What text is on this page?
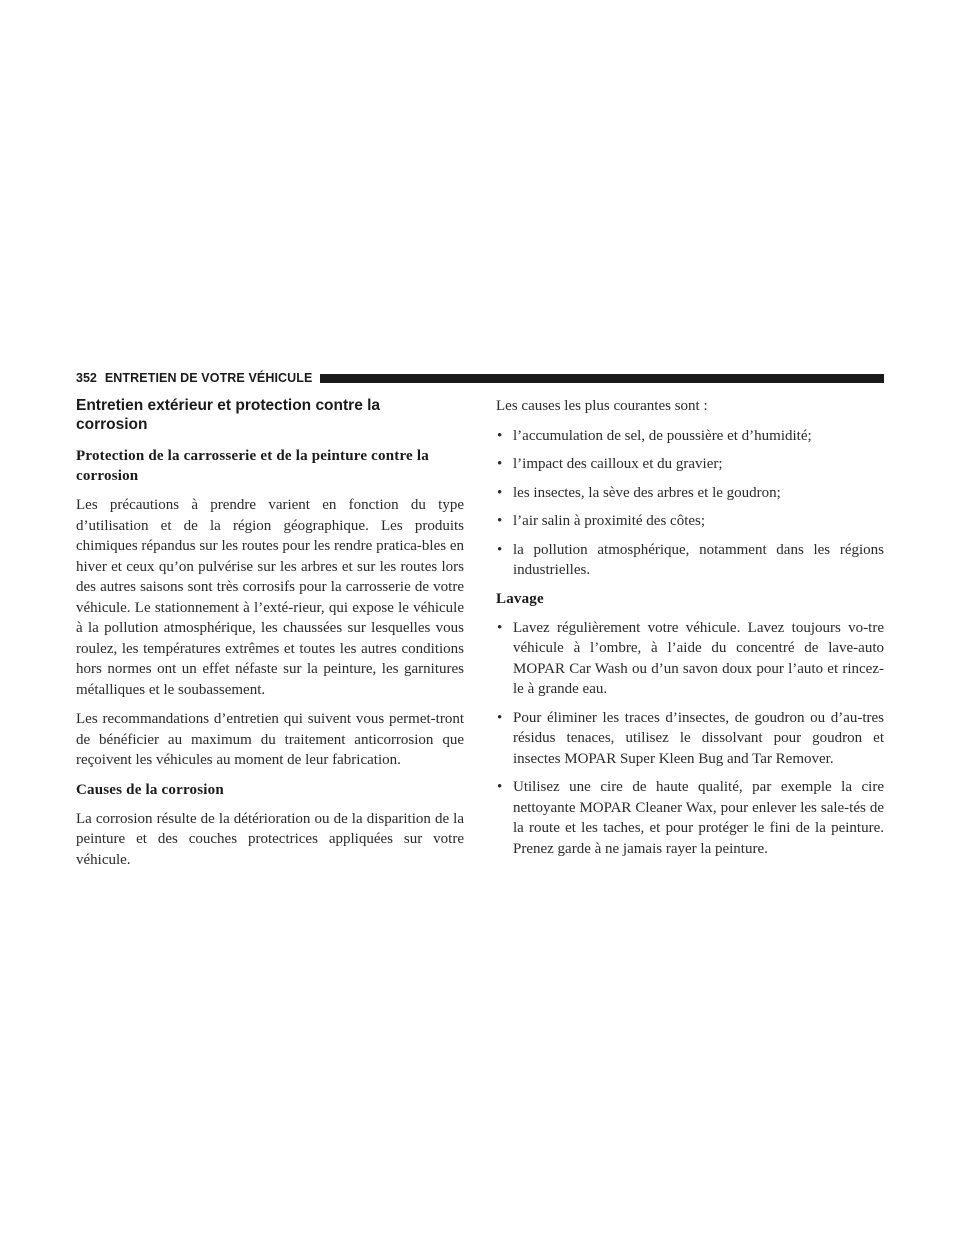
352 ENTRETIEN DE VOTRE VÉHICULE
Entretien extérieur et protection contre la corrosion
Protection de la carrosserie et de la peinture contre la corrosion

Les précautions à prendre varient en fonction du type d’utilisation et de la région géographique. Les produits chimiques répandus sur les routes pour les rendre pratica-bles en hiver et ceux qu’on pulvérise sur les arbres et sur les routes lors des autres saisons sont très corrosifs pour la carrosserie de votre véhicule. Le stationnement à l’exté-rieur, qui expose le véhicule à la pollution atmosphérique, les chaussées sur lesquelles vous roulez, les températures extrêmes et toutes les autres conditions hors normes ont un effet néfaste sur la peinture, les garnitures métalliques et le soubassement.

Les recommandations d’entretien qui suivent vous permet-tront de bénéficier au maximum du traitement anticorrosion que reçoivent les véhicules au moment de leur fabrication.

Causes de la corrosion

La corrosion résulte de la détérioration ou de la disparition de la peinture et des couches protectrices appliquées sur votre véhicule.

Les causes les plus courantes sont :

• l’accumulation de sel, de poussière et d’humidité;
• l’impact des cailloux et du gravier;
• les insectes, la sève des arbres et le goudron;
• l’air salin à proximité des côtes;
• la pollution atmosphérique, notamment dans les régions industrielles.
Lavage
• Lavez régulièrement votre véhicule. Lavez toujours vo-tre véhicule à l’ombre, à l’aide du concentré de lave-auto MOPAR Car Wash ou d’un savon doux pour l’auto et rincez-le à grande eau.
• Pour éliminer les traces d’insectes, de goudron ou d’au-tres résidus tenaces, utilisez le dissolvant pour goudron et insectes MOPAR Super Kleen Bug and Tar Remover.
• Utilisez une cire de haute qualité, par exemple la cire nettoyante MOPAR Cleaner Wax, pour enlever les sale-tés de la route et les taches, et pour protéger le fini de la peinture. Prenez garde à ne jamais rayer la peinture.
